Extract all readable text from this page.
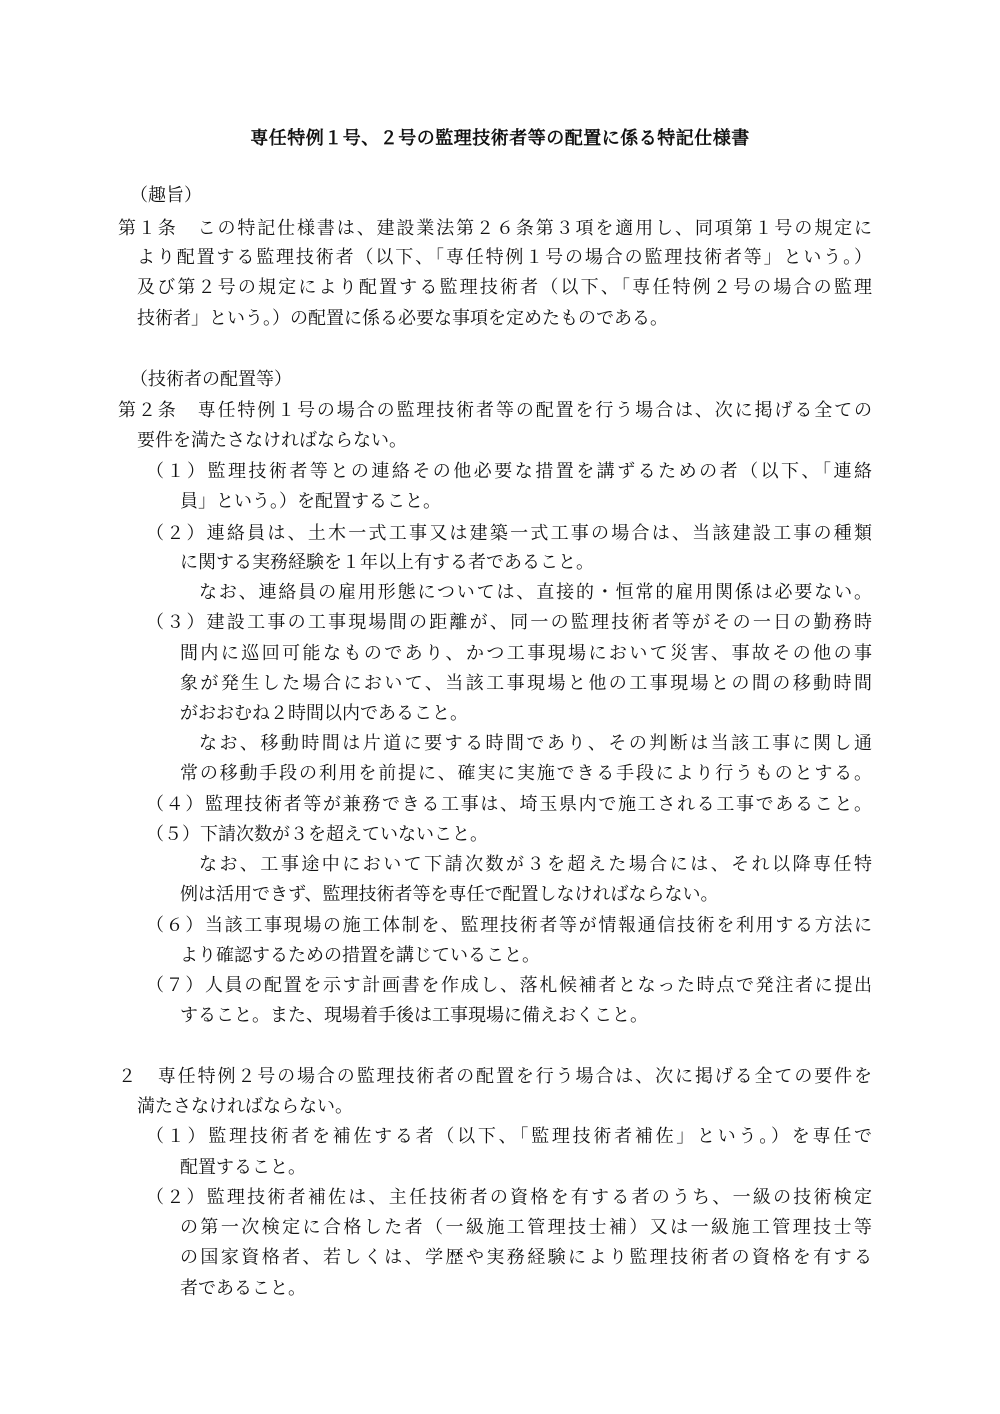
専任特例１号、２号の監理技術者等の配置に係る特記仕様書
（趣旨）
第１条　この特記仕様書は、建設業法第２６条第３項を適用し、同項第１号の規定に
より配置する監理技術者（以下、「専任特例１号の場合の監理技術者等」という。）
及び第２号の規定により配置する監理技術者（以下、「専任特例２号の場合の監理
技術者」という。）の配置に係る必要な事項を定めたものである。
（技術者の配置等）
第２条　専任特例１号の場合の監理技術者等の配置を行う場合は、次に掲げる全ての
要件を満たさなければならない。
（１）監理技術者等との連絡その他必要な措置を講ずるための者（以下、「連絡
員」という。）を配置すること。
（２）連絡員は、土木一式工事又は建築一式工事の場合は、当該建設工事の種類
に関する実務経験を１年以上有する者であること。
なお、連絡員の雇用形態については、直接的・恒常的雇用関係は必要ない。
（３）建設工事の工事現場間の距離が、同一の監理技術者等がその一日の勤務時
間内に巡回可能なものであり、かつ工事現場において災害、事故その他の事
象が発生した場合において、当該工事現場と他の工事現場との間の移動時間
がおおむね２時間以内であること。
なお、移動時間は片道に要する時間であり、その判断は当該工事に関し通
常の移動手段の利用を前提に、確実に実施できる手段により行うものとする。
（４）監理技術者等が兼務できる工事は、埼玉県内で施工される工事であること。
（５）下請次数が３を超えていないこと。
なお、工事途中において下請次数が３を超えた場合には、それ以降専任特
例は活用できず、監理技術者等を専任で配置しなければならない。
（６）当該工事現場の施工体制を、監理技術者等が情報通信技術を利用する方法に
より確認するための措置を講じていること。
（７）人員の配置を示す計画書を作成し、落札候補者となった時点で発注者に提出
すること。また、現場着手後は工事現場に備えおくこと。
２　専任特例２号の場合の監理技術者の配置を行う場合は、次に掲げる全ての要件を
満たさなければならない。
（１）監理技術者を補佐する者（以下、「監理技術者補佐」という。）を専任で
配置すること。
（２）監理技術者補佐は、主任技術者の資格を有する者のうち、一級の技術検定
の第一次検定に合格した者（一級施工管理技士補）又は一級施工管理技士等
の国家資格者、若しくは、学歴や実務経験により監理技術者の資格を有する
者であること。
